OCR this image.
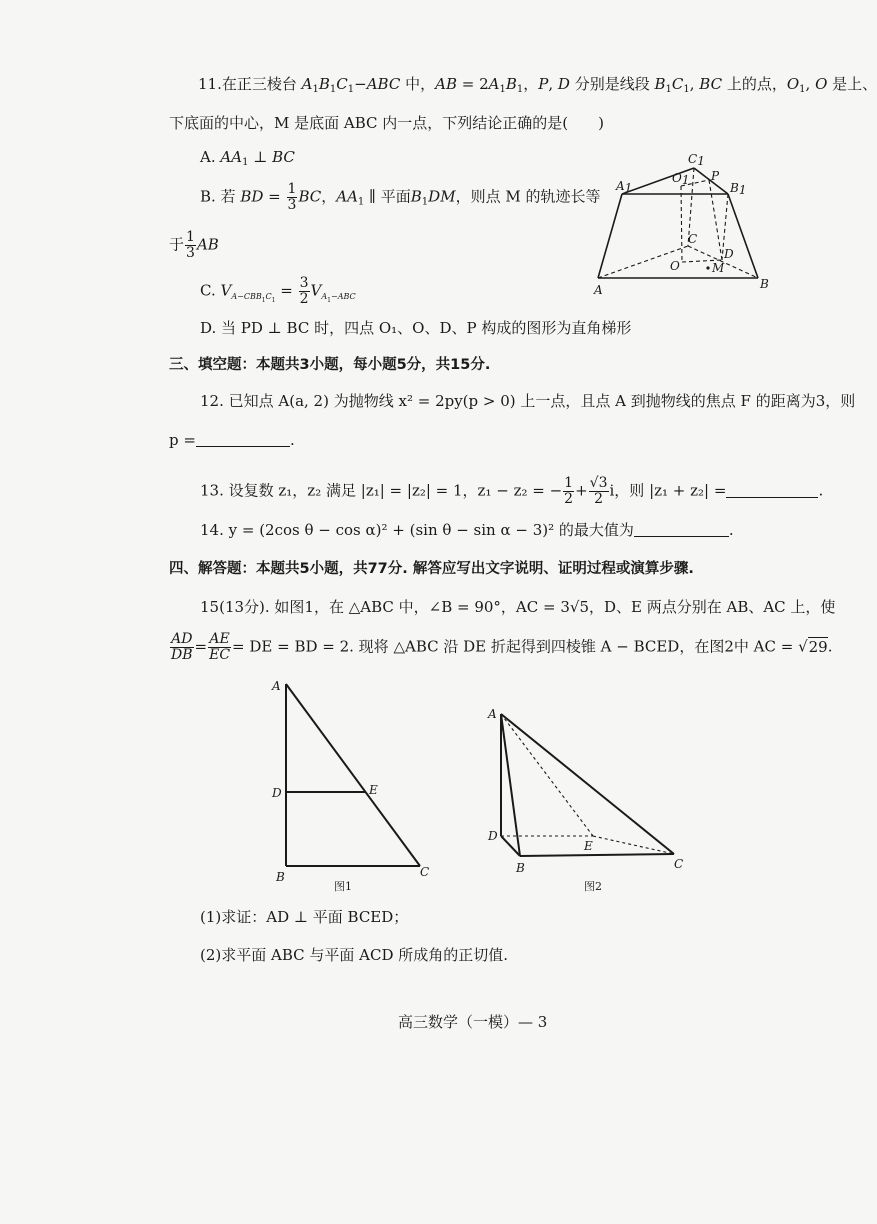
11.在正三棱台 $A_1B_1C_1-ABC$ 中，AB = $2A_1B_1$，P, D 分别是线段 $B_1C_1$, BC 上的点，$O_1$, O 是上、
下底面的中心，M 是底面 ABC 内一点，下列结论正确的是(　　)
A. $AA_1$ ⊥ BC
B. 若 BD = $\frac{1}{3}$ BC，$AA_1$ ∥ 平面$B_1DM$，则点 M 的轨迹长等
于 $\frac{1}{3}$ AB
C. $V_{A-CBB_1C_1} = \frac{3}{2} V_{A_1-ABC}$
D. 当 PD ⊥ BC 时，四点 O₁、O、D、P 构成的图形为直角梯形
C1
A1	B1
O1 P
C
O
D
M
A	B
三、填空题：本题共3小题，每小题5分，共15分.
12. 已知点 A(a, 2) 为抛物线 x² = 2py(p > 0) 上一点，且点 A 到抛物线的焦点 F 的距离为3，则
p =	.
13. 设复数 z₁，z₂ 满足 |z₁| = |z₂| = 1，z₁ − z₂ = − $\frac{1}{2} + \frac{√3}{2}$ i，则 |z₁ + z₂| =	.
14. y = (2cos θ − cos α)² + (sin θ − sin α − 3)² 的最大值为	.
四、解答题：本题共5小题，共77分. 解答应写出文字说明、证明过程或演算步骤.
15(13分). 如图1，在 △ABC 中，∠B = 90°，AC = 3√5，D、E 两点分别在 AB、AC 上，使
$\frac{AD}{DB} = \frac{AE}{EC}$ = DE = BD = 2. 现将 △ABC 沿 DE 折起得到四棱锥 A − BCED，在图2中 AC = √29.
A
D	E
B	C
图1
A
D
E
B	C
图2
(1)求证：AD ⊥ 平面 BCED；
(2)求平面 ABC 与平面 ACD 所成角的正切值.
高三数学（一模）— 3
